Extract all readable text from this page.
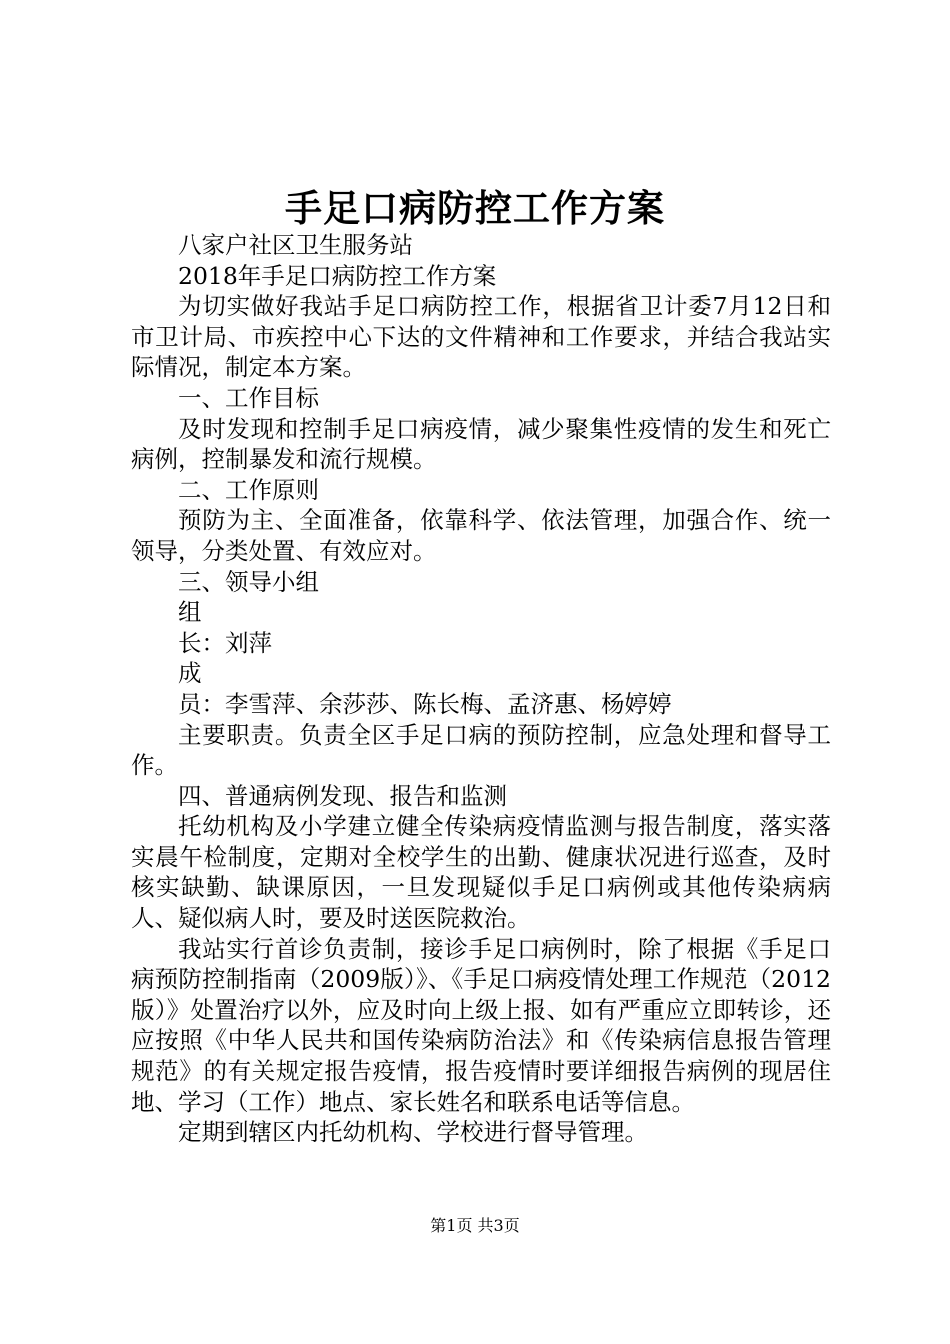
手足口病防控工作方案

八家户社区卫生服务站

2018年手足口病防控工作方案

为切实做好我站手足口病防控工作，根据省卫计委7月12日和市卫计局、市疾控中心下达的文件精神和工作要求，并结合我站实际情况，制定本方案。

一、工作目标

及时发现和控制手足口病疫情，减少聚集性疫情的发生和死亡病例，控制暴发和流行规模。

二、工作原则

预防为主、全面准备，依靠科学、依法管理，加强合作、统一领导，分类处置、有效应对。

三、领导小组

组

长：刘萍

成

员：李雪萍、余莎莎、陈长梅、孟济惠、杨婷婷

主要职责。负责全区手足口病的预防控制，应急处理和督导工作。

四、普通病例发现、报告和监测

托幼机构及小学建立健全传染病疫情监测与报告制度，落实落实晨午检制度，定期对全校学生的出勤、健康状况进行巡查，及时核实缺勤、缺课原因，一旦发现疑似手足口病例或其他传染病病人、疑似病人时，要及时送医院救治。

我站实行首诊负责制，接诊手足口病例时，除了根据《手足口病预防控制指南（2009版）》、《手足口病疫情处理工作规范（2012版）》处置治疗以外，应及时向上级上报、如有严重应立即转诊，还应按照《中华人民共和国传染病防治法》和《传染病信息报告管理规范》的有关规定报告疫情，报告疫情时要详细报告病例的现居住地、学习（工作）地点、家长姓名和联系电话等信息。

定期到辖区内托幼机构、学校进行督导管理。

第1页 共3页
